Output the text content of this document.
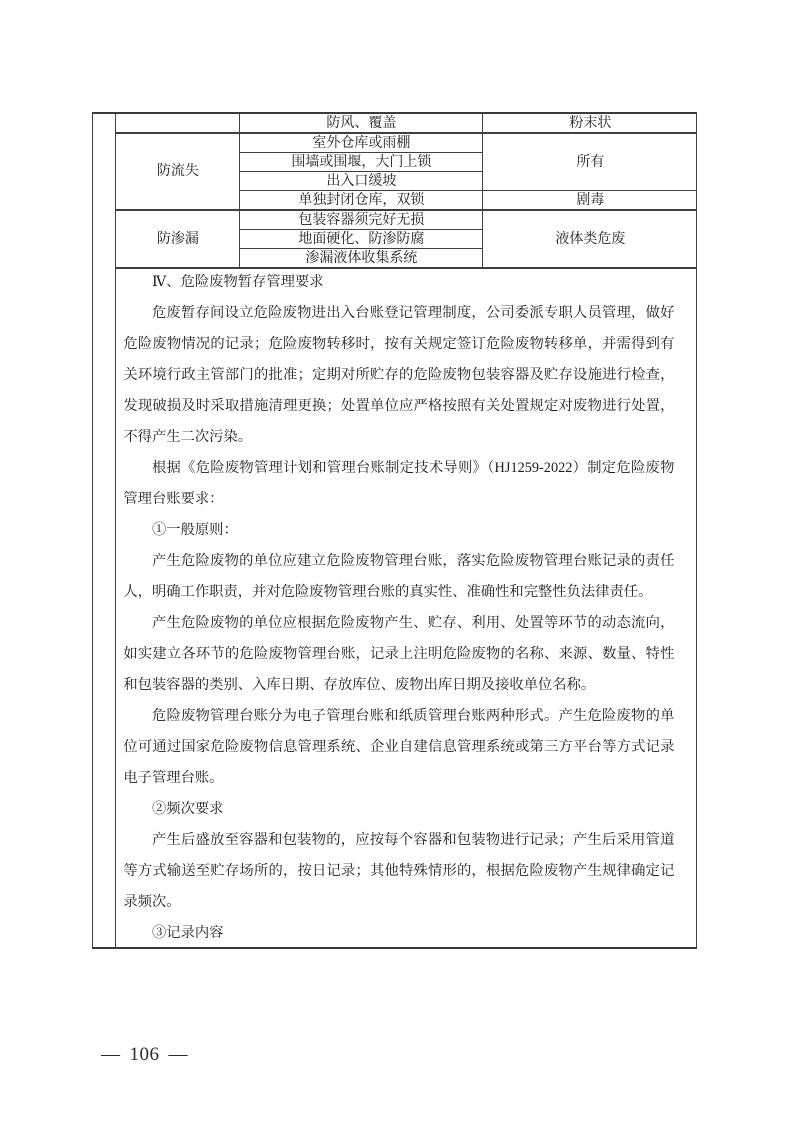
	防风、覆盖	粉末状
防流失	室外仓库或雨棚	所有
	围墙或围堰，大门上锁	
	出入口缓坡	
	单独封闭仓库，双锁	剧毒
防渗漏	包装容器须完好无损	液体类危废
	地面硬化、防渗防腐	
	渗漏液体收集系统	

Ⅳ、危险废物暂存管理要求

危废暂存间设立危险废物进出入台账登记管理制度，公司委派专职人员管理，做好危险废物情况的记录；危险废物转移时，按有关规定签订危险废物转移单，并需得到有关环境行政主管部门的批准；定期对所贮存的危险废物包装容器及贮存设施进行检查，发现破损及时采取措施清理更换；处置单位应严格按照有关处置规定对废物进行处置，不得产生二次污染。

根据《危险废物管理计划和管理台账制定技术导则》（HJ1259-2022）制定危险废物管理台账要求：

①一般原则：

产生危险废物的单位应建立危险废物管理台账，落实危险废物管理台账记录的责任人，明确工作职责，并对危险废物管理台账的真实性、准确性和完整性负法律责任。

产生危险废物的单位应根据危险废物产生、贮存、利用、处置等环节的动态流向，如实建立各环节的危险废物管理台账，记录上注明危险废物的名称、来源、数量、特性和包装容器的类别、入库日期、存放库位、废物出库日期及接收单位名称。

危险废物管理台账分为电子管理台账和纸质管理台账两种形式。产生危险废物的单位可通过国家危险废物信息管理系统、企业自建信息管理系统或第三方平台等方式记录电子管理台账。

②频次要求

产生后盛放至容器和包装物的，应按每个容器和包装物进行记录；产生后采用管道等方式输送至贮存场所的，按日记录；其他特殊情形的，根据危险废物产生规律确定记录频次。

③记录内容

— 106 —
